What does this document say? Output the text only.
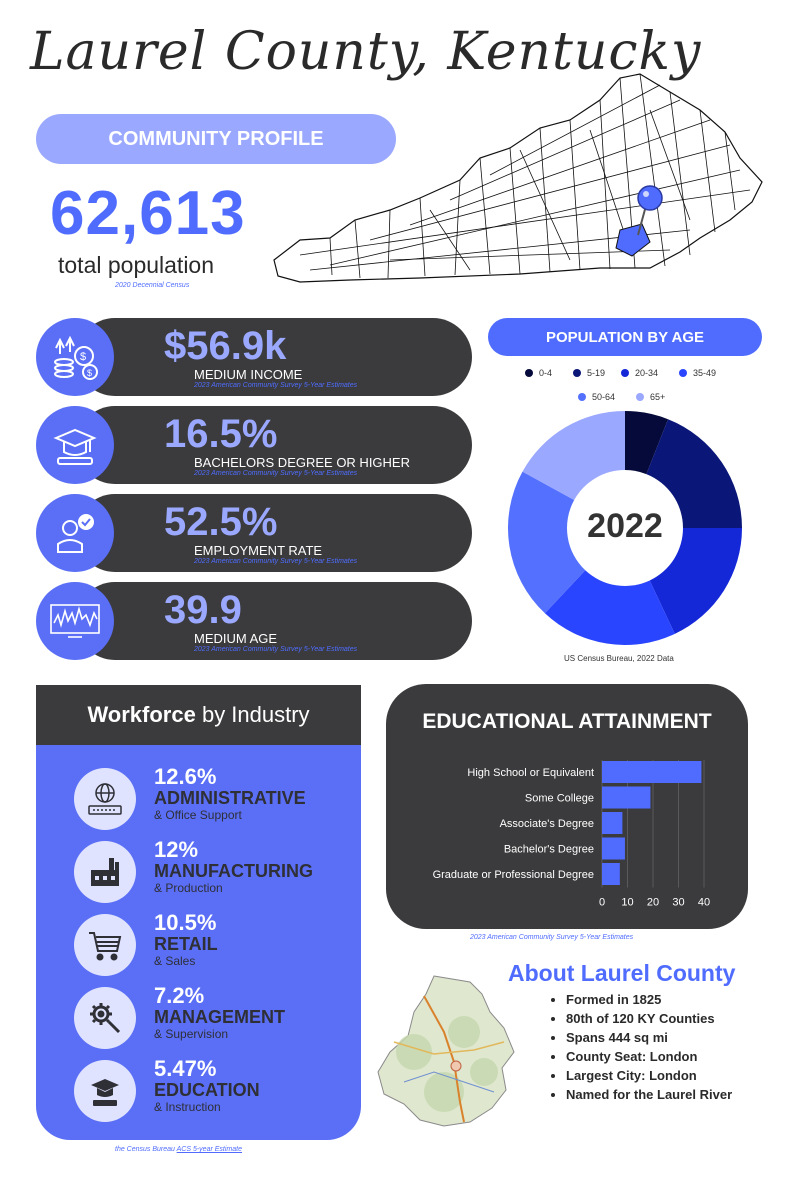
Laurel County, Kentucky
COMMUNITY PROFILE
62,613
total population
2020 Decennial Census
$
$
$56.9k
MEDIUM INCOME
2023 American Community Survey 5-Year Estimates
16.5%
BACHELORS DEGREE OR HIGHER
2023 American Community Survey 5-Year Estimates
52.5%
EMPLOYMENT RATE
2023 American Community Survey 5-Year Estimates
39.9
MEDIUM AGE
2023 American Community Survey 5-Year Estimates
POPULATION BY AGE
0-4	5-19	20-34	35-49
50-64	65+
2022
US Census Bureau, 2022 Data
Workforce by Industry
12.6%
ADMINISTRATIVE
& Office Support
12%
MANUFACTURING
& Production
10.5%
RETAIL
& Sales
7.2%
MANAGEMENT
& Supervision
5.47%
EDUCATION
& Instruction
the Census Bureau ACS 5-year Estimate
EDUCATIONAL ATTAINMENT
0 10 20 30 40
High School or Equivalent
Some College
Associate's Degree
Bachelor's Degree
Graduate or Professional Degree
2023 American Community Survey 5-Year Estimates
About Laurel County
• Formed in 1825
• 80th of 120 KY Counties
• Spans 444 sq mi
• County Seat: London
• Largest City: London
• Named for the Laurel River
